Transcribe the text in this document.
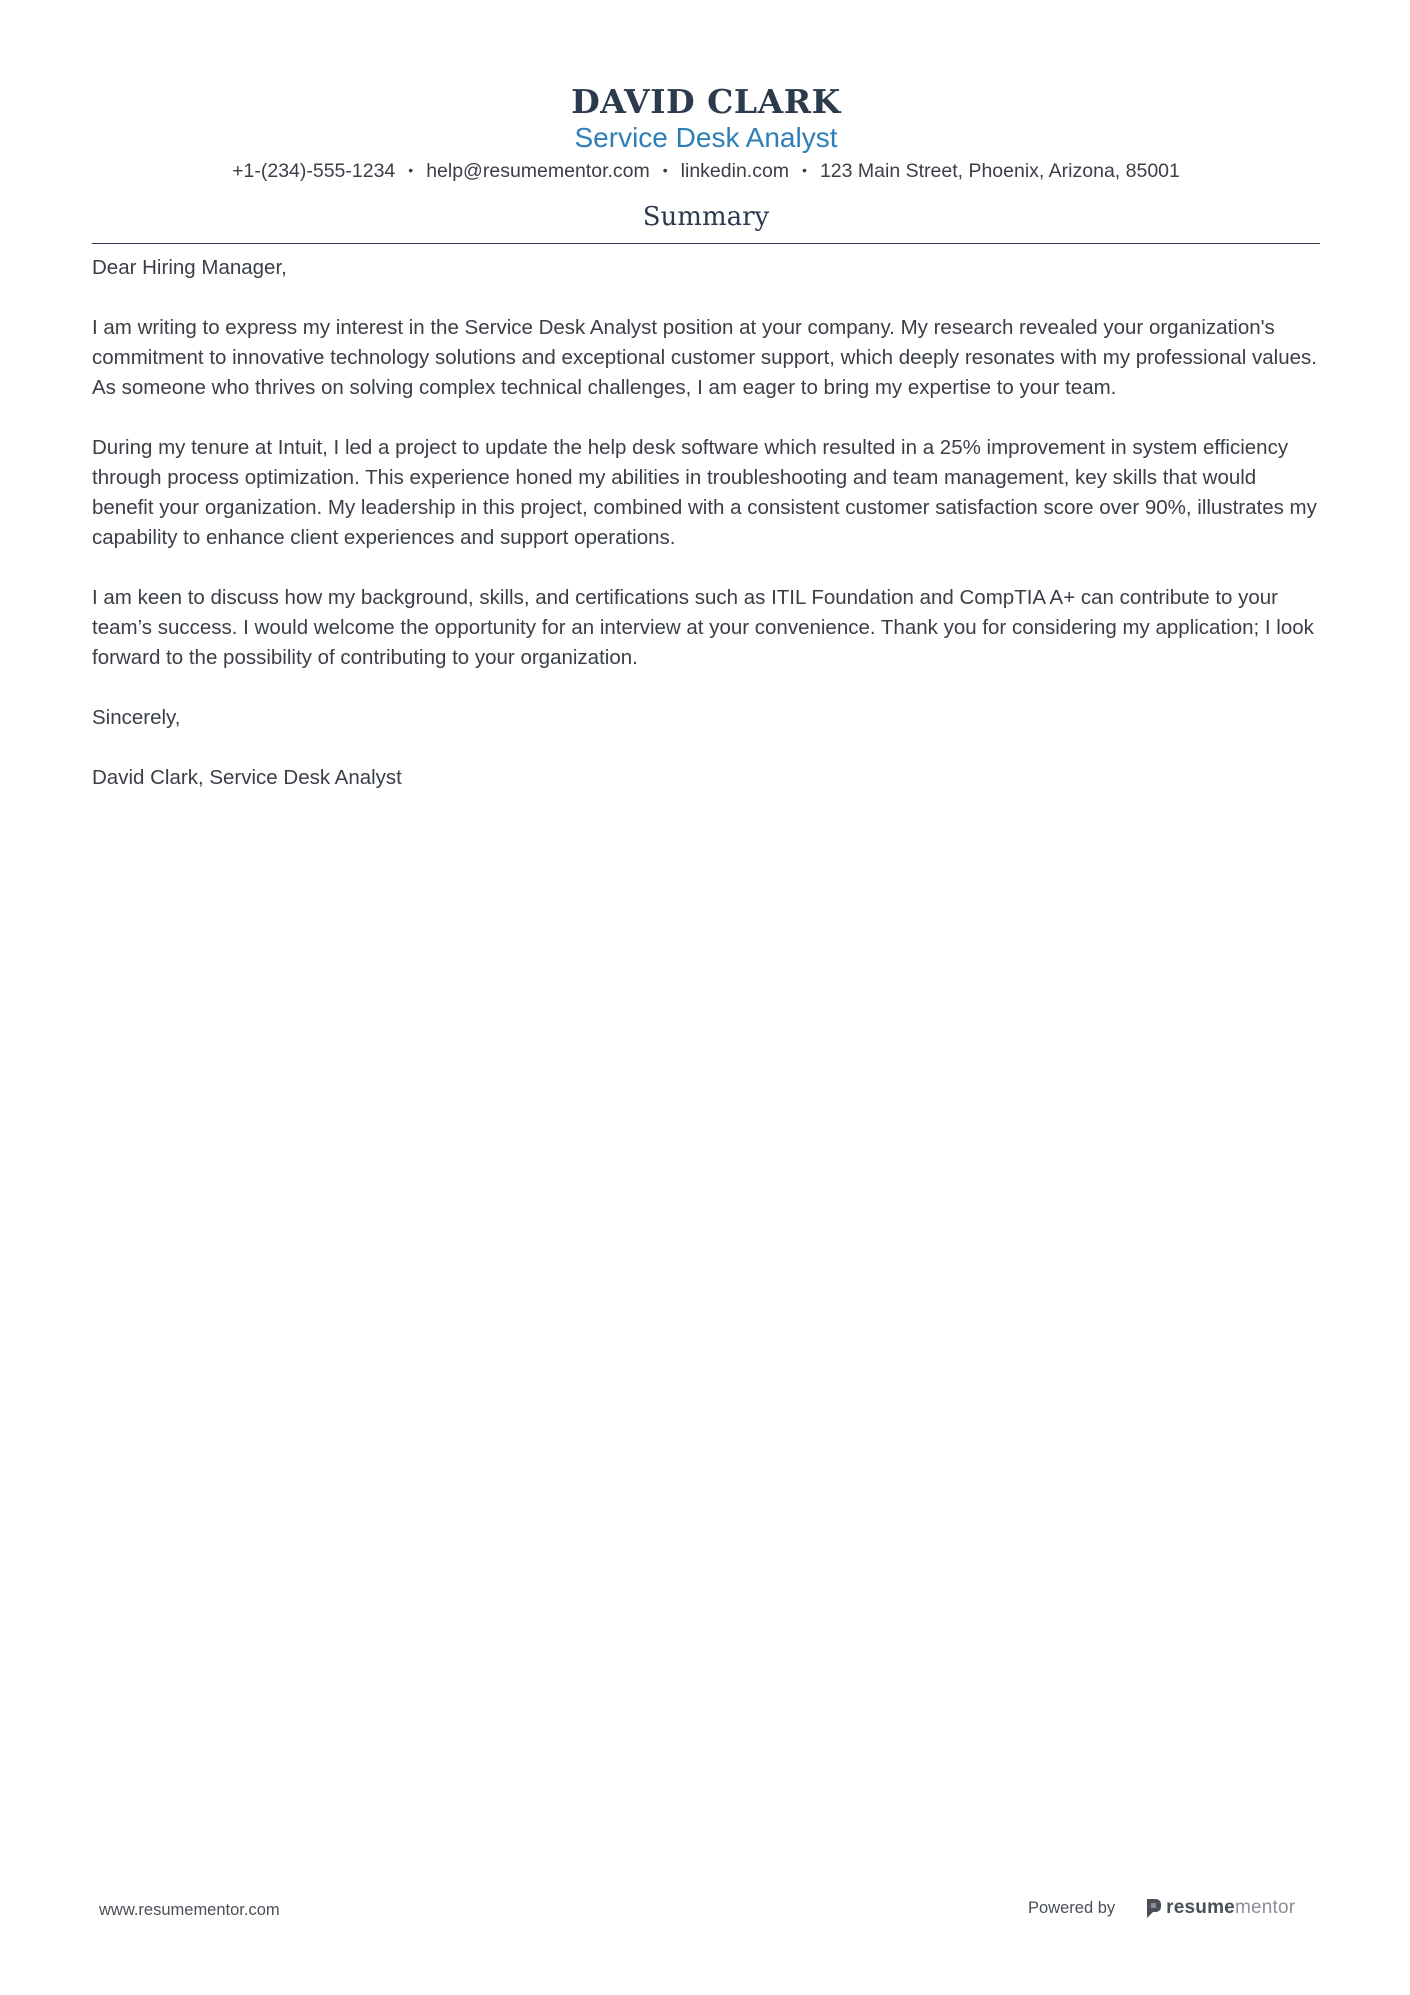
DAVID CLARK
Service Desk Analyst
+1-(234)-555-1234 • help@resumementor.com • linkedin.com • 123 Main Street, Phoenix, Arizona, 85001
Summary

Dear Hiring Manager,

I am writing to express my interest in the Service Desk Analyst position at your company. My research revealed your organization's commitment to innovative technology solutions and exceptional customer support, which deeply resonates with my professional values. As someone who thrives on solving complex technical challenges, I am eager to bring my expertise to your team.

During my tenure at Intuit, I led a project to update the help desk software which resulted in a 25% improvement in system efficiency through process optimization. This experience honed my abilities in troubleshooting and team management, key skills that would benefit your organization. My leadership in this project, combined with a consistent customer satisfaction score over 90%, illustrates my capability to enhance client experiences and support operations.

I am keen to discuss how my background, skills, and certifications such as ITIL Foundation and CompTIA A+ can contribute to your team’s success. I would welcome the opportunity for an interview at your convenience. Thank you for considering my application; I look forward to the possibility of contributing to your organization.

Sincerely,

David Clark, Service Desk Analyst

www.resumementor.com	Powered by	resume mentor
